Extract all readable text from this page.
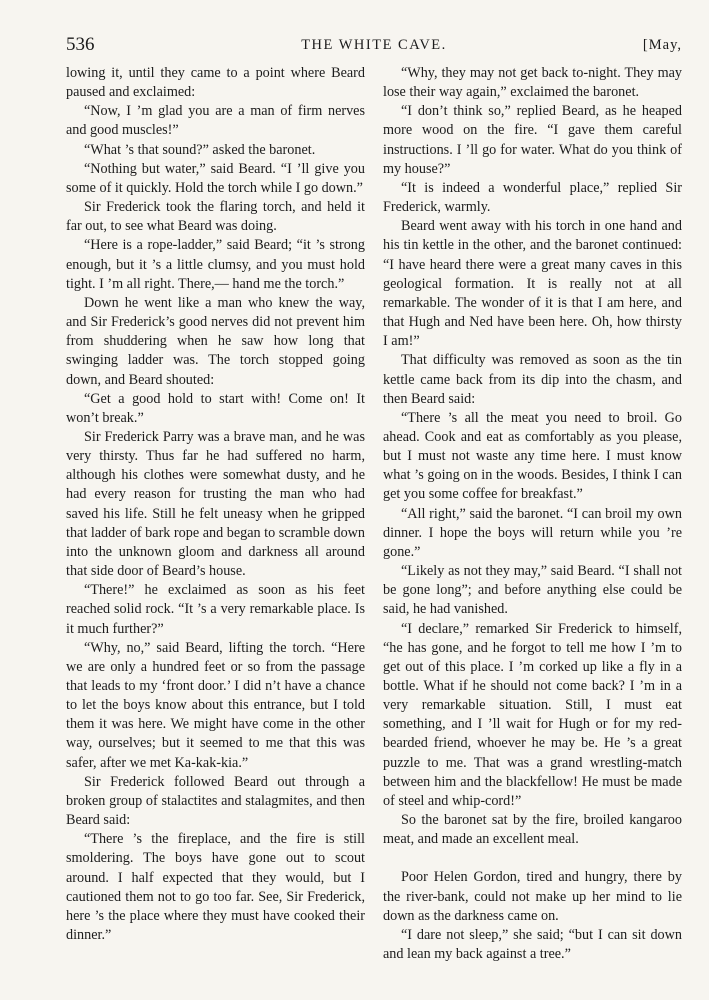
536	THE WHITE CAVE.	[May,

lowing it, until they came to a point where Beard paused and exclaimed:

“Now, I ’m glad you are a man of firm nerves and good muscles!”

“What ’s that sound?” asked the baronet.

“Nothing but water,” said Beard. “I ’ll give you some of it quickly. Hold the torch while I go down.”

Sir Frederick took the flaring torch, and held it far out, to see what Beard was doing.

“Here is a rope-ladder,” said Beard; “it ’s strong enough, but it ’s a little clumsy, and you must hold tight. I ’m all right. There,— hand me the torch.”

Down he went like a man who knew the way, and Sir Frederick’s good nerves did not prevent him from shuddering when he saw how long that swinging ladder was. The torch stopped going down, and Beard shouted:

“Get a good hold to start with! Come on! It won’t break.”

Sir Frederick Parry was a brave man, and he was very thirsty. Thus far he had suffered no harm, although his clothes were somewhat dusty, and he had every reason for trusting the man who had saved his life. Still he felt uneasy when he gripped that ladder of bark rope and began to scramble down into the unknown gloom and darkness all around that side door of Beard’s house.

“There!” he exclaimed as soon as his feet reached solid rock. “It ’s a very remarkable place. Is it much further?”

“Why, no,” said Beard, lifting the torch. “Here we are only a hundred feet or so from the passage that leads to my ‘front door.’ I did n’t have a chance to let the boys know about this entrance, but I told them it was here. We might have come in the other way, ourselves; but it seemed to me that this was safer, after we met Ka-kak-kia.”

Sir Frederick followed Beard out through a broken group of stalactites and stalagmites, and then Beard said:

“There ’s the fireplace, and the fire is still smoldering. The boys have gone out to scout around. I half expected that they would, but I cautioned them not to go too far. See, Sir Frederick, here ’s the place where they must have cooked their dinner.”

“Why, they may not get back to-night. They may lose their way again,” exclaimed the baronet.

“I don’t think so,” replied Beard, as he heaped more wood on the fire. “I gave them careful instructions. I ’ll go for water. What do you think of my house?”

“It is indeed a wonderful place,” replied Sir Frederick, warmly.

Beard went away with his torch in one hand and his tin kettle in the other, and the baronet continued: “I have heard there were a great many caves in this geological formation. It is really not at all remarkable. The wonder of it is that I am here, and that Hugh and Ned have been here. Oh, how thirsty I am!”

That difficulty was removed as soon as the tin kettle came back from its dip into the chasm, and then Beard said:

“There ’s all the meat you need to broil. Go ahead. Cook and eat as comfortably as you please, but I must not waste any time here. I must know what ’s going on in the woods. Besides, I think I can get you some coffee for breakfast.”

“All right,” said the baronet. “I can broil my own dinner. I hope the boys will return while you ’re gone.”

“Likely as not they may,” said Beard. “I shall not be gone long”; and before anything else could be said, he had vanished.

“I declare,” remarked Sir Frederick to himself, “he has gone, and he forgot to tell me how I ’m to get out of this place. I ’m corked up like a fly in a bottle. What if he should not come back? I ’m in a very remarkable situation. Still, I must eat something, and I ’ll wait for Hugh or for my red-bearded friend, whoever he may be. He ’s a great puzzle to me. That was a grand wrestling-match between him and the blackfellow! He must be made of steel and whip-cord!”

So the baronet sat by the fire, broiled kangaroo meat, and made an excellent meal.

Poor Helen Gordon, tired and hungry, there by the river-bank, could not make up her mind to lie down as the darkness came on.

“I dare not sleep,” she said; “but I can sit down and lean my back against a tree.”
